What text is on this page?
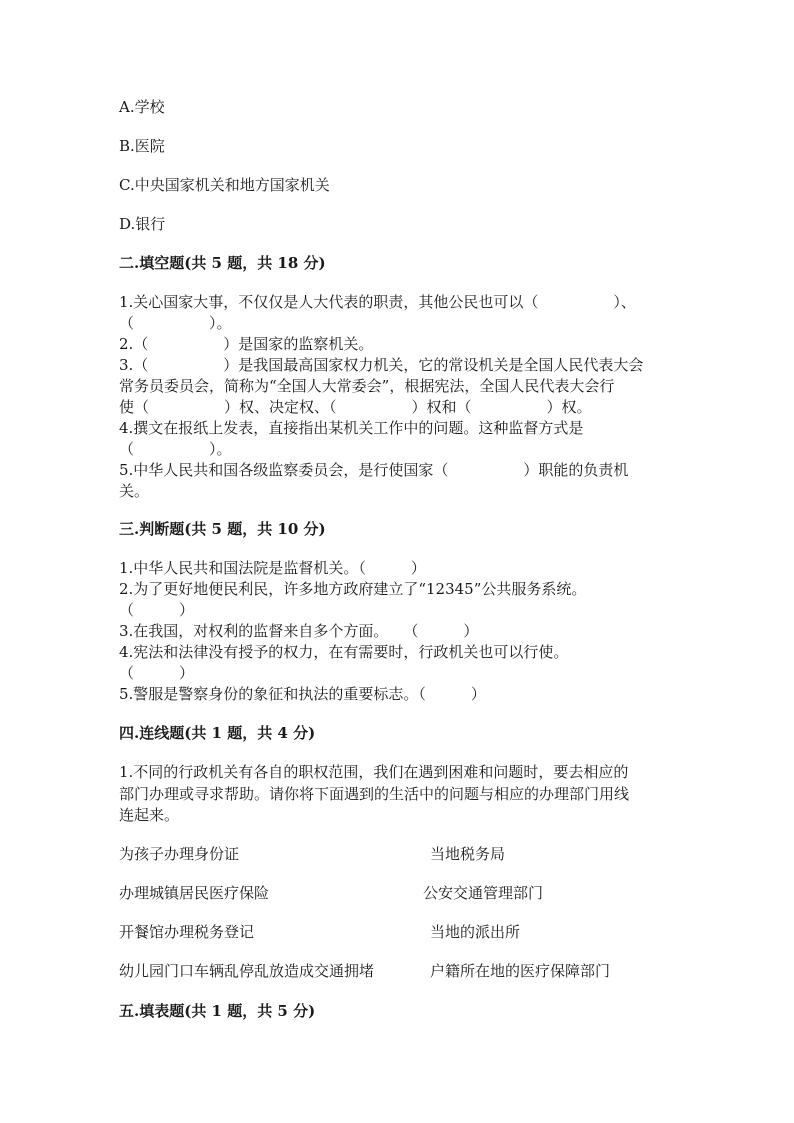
A.学校
B.医院
C.中央国家机关和地方国家机关
D.银行
二.填空题(共 5 题，共 18 分)
1.关心国家大事，不仅仅是人大代表的职责，其他公民也可以（　　　　　）、
（　　　　　）。
2.（　　　　　）是国家的监察机关。
3.（　　　　　）是我国最高国家权力机关，它的常设机关是全国人民代表大会
常务员委员会，简称为“全国人大常委会”，根据宪法，全国人民代表大会行
使（　　　　　）权、决定权、（　　　　　）权和（　　　　　）权。
4.撰文在报纸上发表，直接指出某机关工作中的问题。这种监督方式是
（　　　　　）。
5.中华人民共和国各级监察委员会，是行使国家（　　　　　）职能的负责机
关。
三.判断题(共 5 题，共 10 分)
1.中华人民共和国法院是监督机关。（　　　）
2.为了更好地便民利民，许多地方政府建立了“12345”公共服务系统。
（　　　）
3.在我国，对权利的监督来自多个方面。　　（　　　）
4.宪法和法律没有授予的权力，在有需要时，行政机关也可以行使。
（　　　）
5.警服是警察身份的象征和执法的重要标志。（　　　）
四.连线题(共 1 题，共 4 分)
1.不同的行政机关有各自的职权范围，我们在遇到困难和问题时，要去相应的
部门办理或寻求帮助。请你将下面遇到的生活中的问题与相应的办理部门用线
连起来。
为孩子办理身份证	当地税务局
办理城镇居民医疗保险	公安交通管理部门
开餐馆办理税务登记	当地的派出所
幼儿园门口车辆乱停乱放造成交通拥堵	户籍所在地的医疗保障部门
五.填表题(共 1 题，共 5 分)
